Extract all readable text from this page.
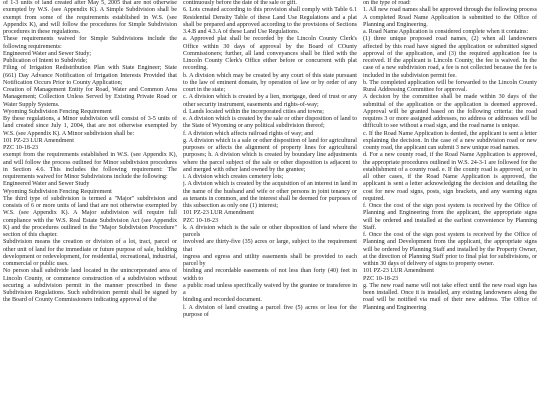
of 1-3 units of land created after May 5, 2005 that are not otherwise exempted by W.S. (see Appendix K). A Simple Subdivision shall be exempt from some of the requirements established in W.S. (see Appendix K), and will follow the procedures for Simple Subdivision procedures in these regulations.

These requirements waived for Simple Subdivisions include the following requirements:

Engineered Water and Sewer Study;

Publication of Intent to Subdivide;

Filing of Irrigation Redistribution Plan with State Engineer; State (661) Day Advance Notification of Irrigation Interests Provided that Notification Occurs Prior to County Application;

Creation of Management Entity for Road, Water and Common Area Management; Collection Unless Served by Existing Private Road or Water Supply Systems.

Wyoming Subdivision Fencing Requirement

By these regulations, a Minor subdivision will consist of 3-5 units of land created since July 1, 2004, that are not otherwise exempted by W.S. (see Appendix K). A Minor subdivision shall be:

101 PZ-23 LUR Amendment

PZC 10-18-23

exempt from the requirements established in W.S. (see Appendix K), and will follow the process outlined for Minor subdivision procedures in Section 4.6. This includes the following requirement: The requirements waived for Minor Subdivisions include the following:

Engineered Water and Sewer Study

Wyoming Subdivision Fencing Requirement

The third type of subdivision is termed a "Major" subdivision and consists of 6 or more units of land that are not otherwise exempted by W.S. (see Appendix K). A Major subdivision will require full compliance with the W.S. Real Estate Subdivision Act (see Appendix K) and the procedures outlined in the "Major Subdivision Procedure" section of this chapter.

Subdivision means the creation or division of a lot, tract, parcel or other unit of land for the immediate or future purpose of sale, building development or redevelopment, for residential, recreational, industrial, commercial or public uses.

No person shall subdivide land located in the unincorporated area of Lincoln County, or commence construction of a subdivision without securing a subdivision permit in the manner prescribed in these Subdivision Regulations. Such subdivision permit shall be signed by the Board of County Commissioners indicating approval of the

continuously before the date of the sale or gift.

6. Lots created according to this provision shall comply with Table 6.1 Residential Density Table of these Land Use Regulations and a plat shall be prepared and approved according to the provisions of Sections 3.4.B and 4.3.A of these Land Use Regulations.

a. Approved plat shall be recorded by the Lincoln County Clerk's Office within 30 days of approval by the Board of COunty Commissioners; further, all land conveyances shall be filed with the Lincoln County Clerk's Office either before or concurrent with plat recording.

b. A division which may be created by any court of this state pursuant to the law of eminent domain, by operation of law or by order of any court in the state;

c. A division which is created by a lien, mortgage, deed of trust or any other security instrument, easements and rights-of-way;

d. Lands located within the incorporated cities and towns;

e. A division which is created by the sale or other disposition of land to the State of Wyoming or any political subdivision thereof;

f. A division which affects railroad rights of way; and

g. A division which is a sale or other disposition of land for agricultural purposes or affects the alignment of property lines for agricultural purposes; h. A division which is created by boundary line adjustments where the parcel subject of the sale or other disposition is adjacent to and merged with other land owned by the grantee;

i. A division which creates cemetery lots;

j. A division which is created by the acquisition of an interest in land in the name of the husband and wife or other persons in joint tenancy or as tenants in common, and the interest shall be deemed for purposes of this subsection as only one (1) interest;

101 PZ-23 LUR Amendment

PZC 10-18-23

k. A division which is the sale or other disposition of land where the parcels

involved are thirty-five (35) acres or large, subject to the requirement that

ingress and egress and utility easements shall be provided to each parcel by

binding and recordable easements of not less than forty (40) feet in width to

a public road unless specifically waived by the grantee or transferee in a

binding and recorded document.

l. A division of land creating a parcel five (5) acres or less for the purpose of

on the type of road:

1. All new road names shall be approved through the following process A completed Road Name Application is submitted to the Office of Planning and Engineering.

a. Road Name Application is considered complete when it contains:

(1) three unique proposed road names, (2) when all landowners affected by this road have signed the application or submitted signed approval of the application, and (3) the required application fee is received. If the applicant is Lincoln County, the fee is waived. In the case of a new subdivision road, a fee is not collected because the fee is included in the subdivision permit fee.

b. The completed application will be forwarded to the Lincoln County Rural Addressing Committee for approval.

A decision by the committee shall be made within 30 days of the submittal of the application or the application is deemed approved. Approval will be granted based on the following criteria: the road requires 3 or more assigned addresses, no address or addresses will be difficult to see without a road sign, and the road name is unique.

c. If the Road Name Application is denied, the applicant is sent a letter explaining the decision. In the case of a new subdivision road or new county road, the applicant can submit 3 new unique road names.

d. For a new county road, if the Road Name Application is approved, the appropriate procedures outlined in W.S. 24-3-1 are followed for the establishment of a county road. e. If the county road is approved, or in all other cases, if the Road Name Application is approved, the applicant is sent a letter acknowledging the decision and detailing the cost for new road signs, posts, sign brackets, and any warning signs required.

f. Once the cost of the sign post system is received by the Office of Planning and Engineering from the applicant, the appropriate signs will be ordered and installed at the earliest convenience by Planning Staff.

f. Once the cost of the sign post system is received by the Office of Planning and Development from the applicant, the appropriate signs will be ordered by Planning Staff and installed by the Property Owner, at the direction of Planning Staff prior to final plat for subdivisions, or within 30 days of delivery of signs to property owner.

101 PZ-23 LUR Amendment

PZC 10-18-23

g. The new road name will not take effect until the new road sign has been installed. Once it is installed, any existing landowners along the road will be notified via mail of their new address. The Office of Planning and Engineering
